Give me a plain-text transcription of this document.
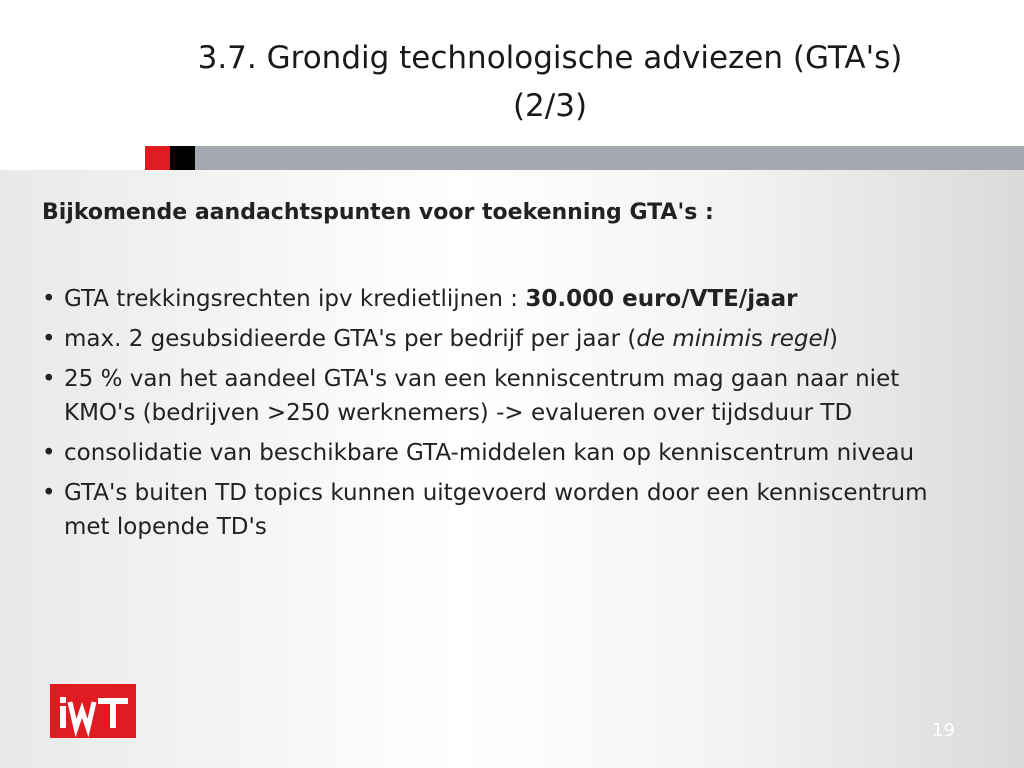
3.7. Grondig technologische adviezen (GTA's)
(2/3)
Bijkomende aandachtspunten voor toekenning GTA's :
• GTA trekkingsrechten ipv kredietlijnen : 30.000 euro/VTE/jaar
• max. 2 gesubsidieerde GTA's per bedrijf per jaar (de minimis regel)
• 25 % van het aandeel GTA's van een kenniscentrum mag gaan naar niet KMO's (bedrijven >250 werknemers) -> evalueren over tijdsduur TD
• consolidatie van beschikbare GTA-middelen kan op kenniscentrum niveau
• GTA's buiten TD topics kunnen uitgevoerd worden door een kenniscentrum met lopende TD's
19
